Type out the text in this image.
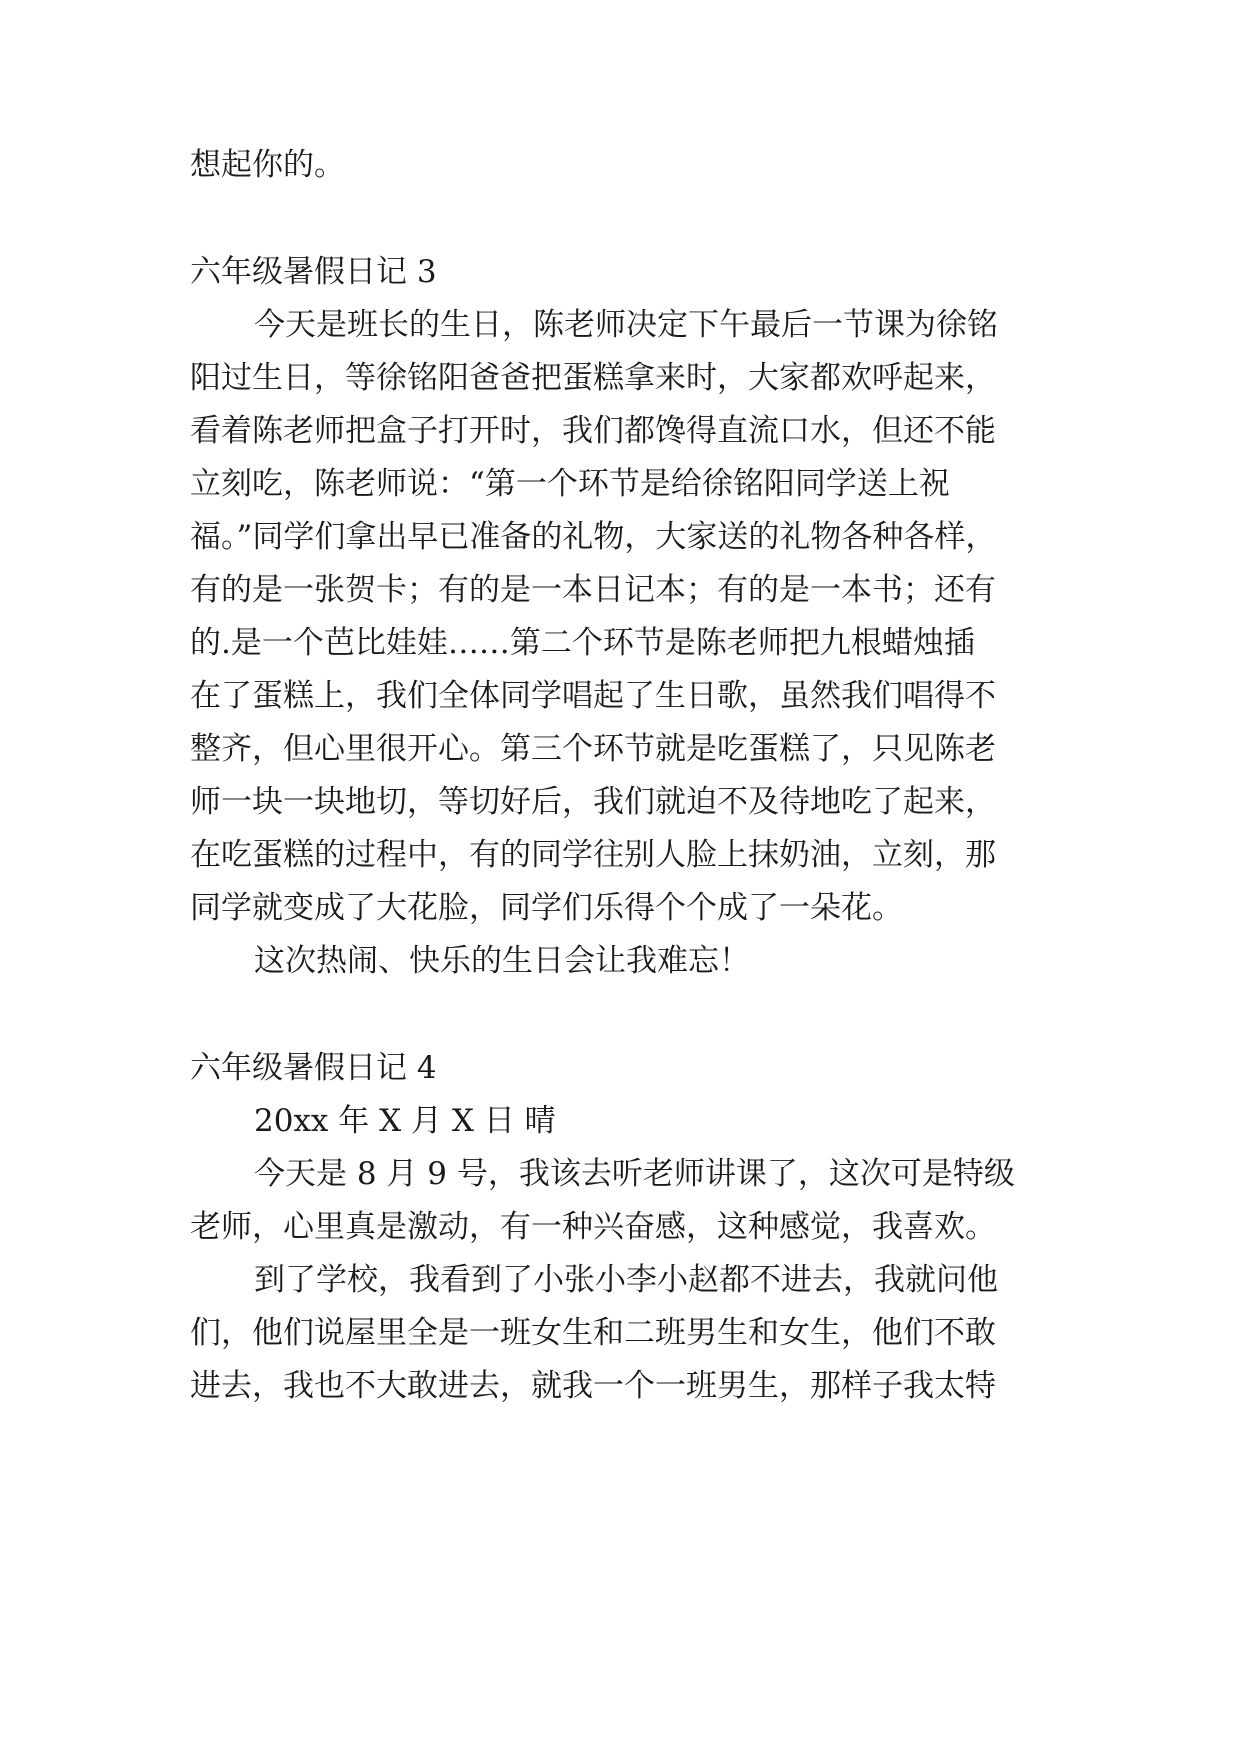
想起你的。
六年级暑假日记 3
今天是班长的生日，陈老师决定下午最后一节课为徐铭
阳过生日，等徐铭阳爸爸把蛋糕拿来时，大家都欢呼起来，
看着陈老师把盒子打开时，我们都馋得直流口水，但还不能
立刻吃，陈老师说：“第一个环节是给徐铭阳同学送上祝
福。”同学们拿出早已准备的礼物，大家送的礼物各种各样，
有的是一张贺卡；有的是一本日记本；有的是一本书；还有
的.是一个芭比娃娃……第二个环节是陈老师把九根蜡烛插
在了蛋糕上，我们全体同学唱起了生日歌，虽然我们唱得不
整齐，但心里很开心。第三个环节就是吃蛋糕了，只见陈老
师一块一块地切，等切好后，我们就迫不及待地吃了起来，
在吃蛋糕的过程中，有的同学往别人脸上抹奶油，立刻，那
同学就变成了大花脸，同学们乐得个个成了一朵花。
这次热闹、快乐的生日会让我难忘！
六年级暑假日记 4
20xx 年 X 月 X 日 晴
今天是 8 月 9 号，我该去听老师讲课了，这次可是特级
老师，心里真是激动，有一种兴奋感，这种感觉，我喜欢。
到了学校，我看到了小张小李小赵都不进去，我就问他
们，他们说屋里全是一班女生和二班男生和女生，他们不敢
进去，我也不大敢进去，就我一个一班男生，那样子我太特
